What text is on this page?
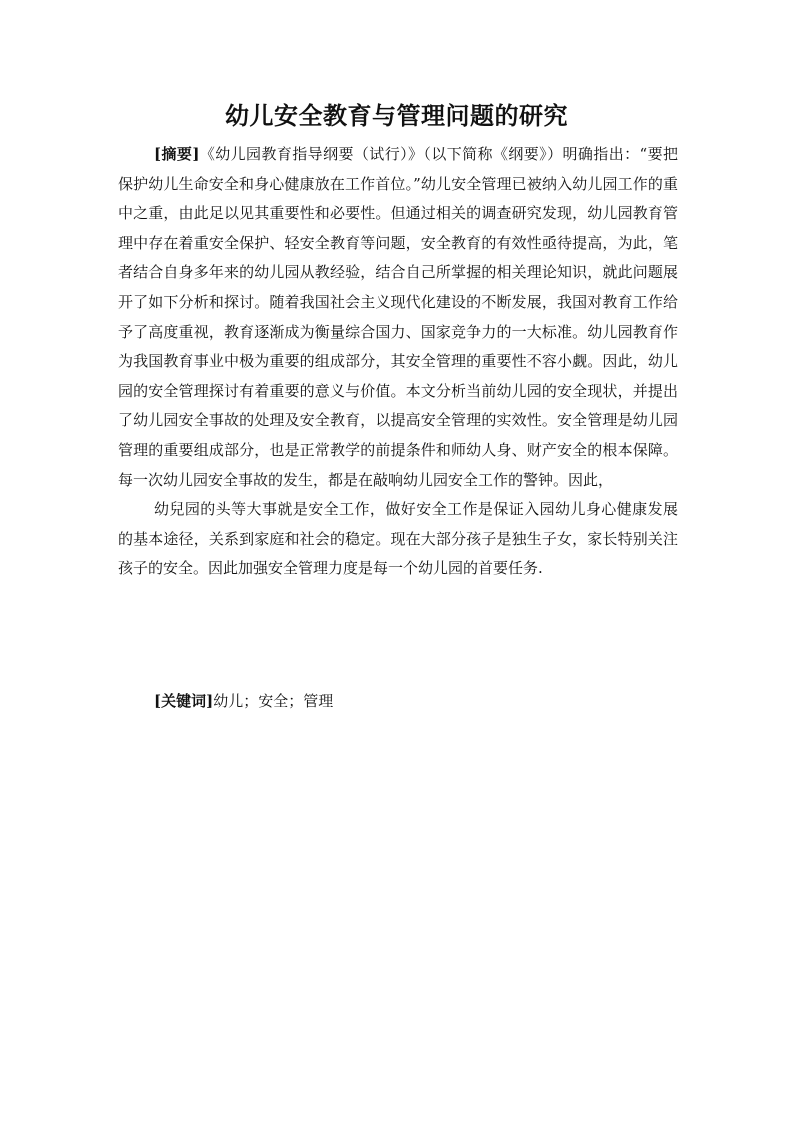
幼儿安全教育与管理问题的研究

[摘要]《幼儿园教育指导纲要（试行）》（以下简称《纲要》）明确指出：“要把保护幼儿生命安全和身心健康放在工作首位。”幼儿安全管理已被纳入幼儿园工作的重中之重，由此足以见其重要性和必要性。但通过相关的调查研究发现，幼儿园教育管理中存在着重安全保护、轻安全教育等问题，安全教育的有效性亟待提高，为此，笔者结合自身多年来的幼儿园从教经验，结合自己所掌握的相关理论知识，就此问题展开了如下分析和探讨。随着我国社会主义现代化建设的不断发展，我国对教育工作给予了高度重视，教育逐渐成为衡量综合国力、国家竞争力的一大标准。幼儿园教育作为我国教育事业中极为重要的组成部分，其安全管理的重要性不容小觑。因此，幼儿园的安全管理探讨有着重要的意义与价值。本文分析当前幼儿园的安全现状，并提出了幼儿园安全事故的处理及安全教育，以提高安全管理的实效性。安全管理是幼儿园管理的重要组成部分，也是正常教学的前提条件和师幼人身、财产安全的根本保障。每一次幼儿园安全事故的发生，都是在敲响幼儿园安全工作的警钟。因此，

幼兒园的头等大事就是安全工作，做好安全工作是保证入园幼儿身心健康发展的基本途径，关系到家庭和社会的稳定。现在大部分孩子是独生子女，家长特别关注孩子的安全。因此加强安全管理力度是每一个幼儿园的首要任务.

[关键词]幼儿；安全；管理
